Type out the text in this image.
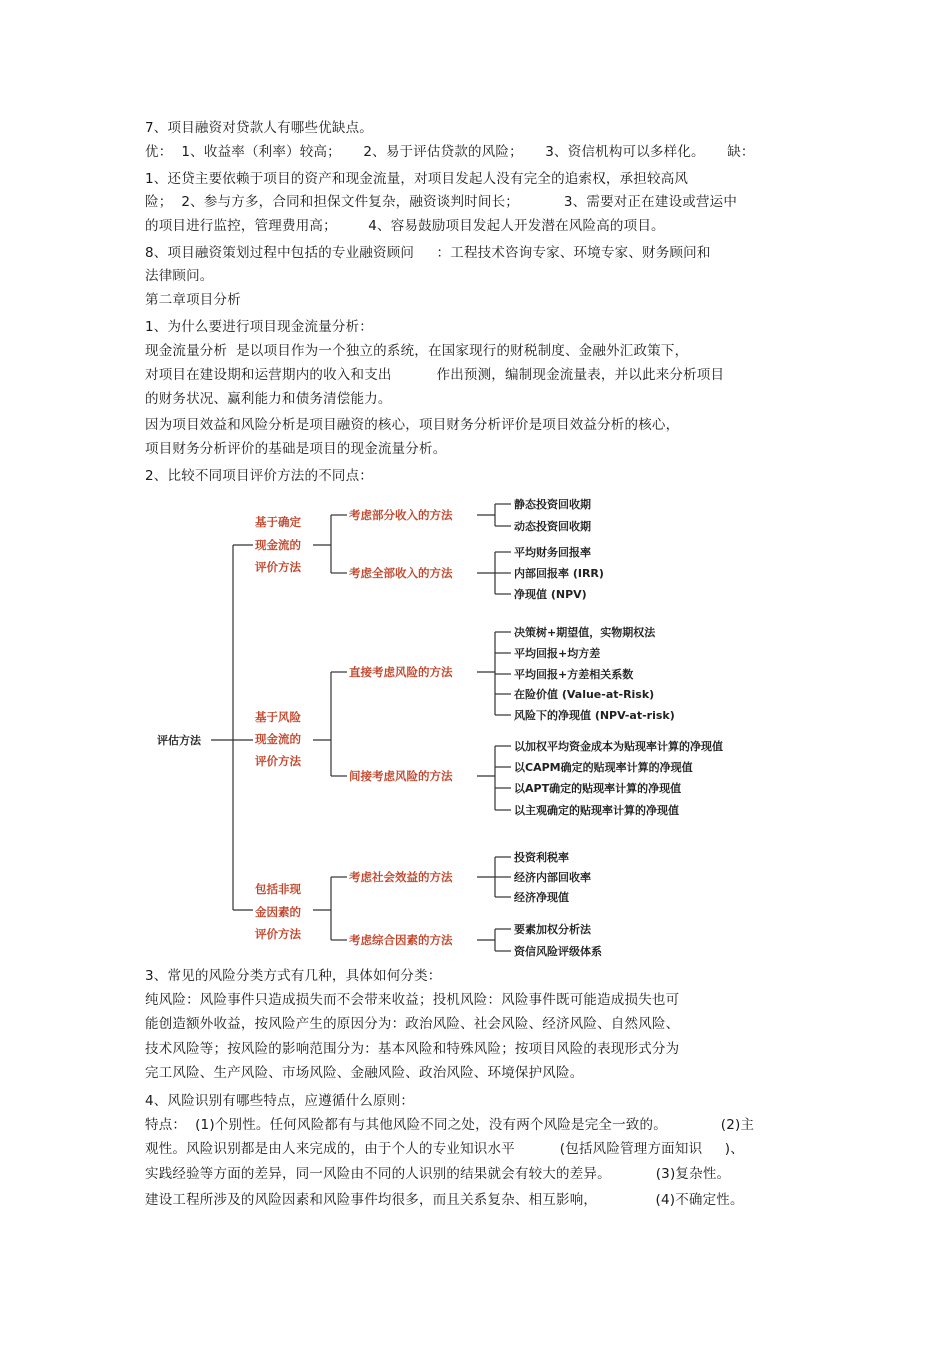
7、项目融资对贷款人有哪些优缺点。
优：  1、收益率（利率）较高；     2、易于评估贷款的风险；     3、资信机构可以多样化。     缺：
1、还贷主要依赖于项目的资产和现金流量，对项目发起人没有完全的追索权，承担较高风
险；  2、参与方多，合同和担保文件复杂，融资谈判时间长；          3、需要对正在建设或营运中
的项目进行监控，管理费用高；       4、容易鼓励项目发起人开发潜在风险高的项目。
8、项目融资策划过程中包括的专业融资顾问     ：工程技术咨询专家、环境专家、财务顾问和
法律顾问。
第二章项目分析
1、为什么要进行项目现金流量分析：
现金流量分析  是以项目作为一个独立的系统，在国家现行的财税制度、金融外汇政策下，
对项目在建设期和运营期内的收入和支出          作出预测，编制现金流量表，并以此来分析项目
的财务状况、赢利能力和债务清偿能力。
因为项目效益和风险分析是项目融资的核心，项目财务分析评价是项目效益分析的核心，
项目财务分析评价的基础是项目的现金流量分析。
2、比较不同项目评价方法的不同点：
评估方法
基于确定
现金流的
评价方法
基于风险
现金流的
评价方法
包括非现
金因素的
评价方法
考虑部分收入的方法
考虑全部收入的方法
直接考虑风险的方法
间接考虑风险的方法
考虑社会效益的方法
考虑综合因素的方法
静态投资回收期
动态投资回收期
平均财务回报率
内部回报率 (IRR)
净现值 (NPV)
决策树+期望值，实物期权法
平均回报+均方差
平均回报+方差相关系数
在险价值 (Value-at-Risk)
风险下的净现值 (NPV-at-risk)
以加权平均资金成本为贴现率计算的净现值
以CAPM确定的贴现率计算的净现值
以APT确定的贴现率计算的净现值
以主观确定的贴现率计算的净现值
投资利税率
经济内部回收率
经济净现值
要素加权分析法
资信风险评级体系
3、常见的风险分类方式有几种，具体如何分类：
纯风险：风险事件只造成损失而不会带来收益；投机风险：风险事件既可能造成损失也可
能创造额外收益，按风险产生的原因分为：政治风险、社会风险、经济风险、自然风险、
技术风险等；按风险的影响范围分为：基本风险和特殊风险；按项目风险的表现形式分为
完工风险、生产风险、市场风险、金融风险、政治风险、环境保护风险。
4、风险识别有哪些特点，应遵循什么原则：
特点：  (1)个别性。任何风险都有与其他风险不同之处，没有两个风险是完全一致的。            (2)主
观性。风险识别都是由人来完成的，由于个人的专业知识水平          (包括风险管理方面知识     )、
实践经验等方面的差异，同一风险由不同的人识别的结果就会有较大的差异。          (3)复杂性。
建设工程所涉及的风险因素和风险事件均很多，而且关系复杂、相互影响，             (4)不确定性。
